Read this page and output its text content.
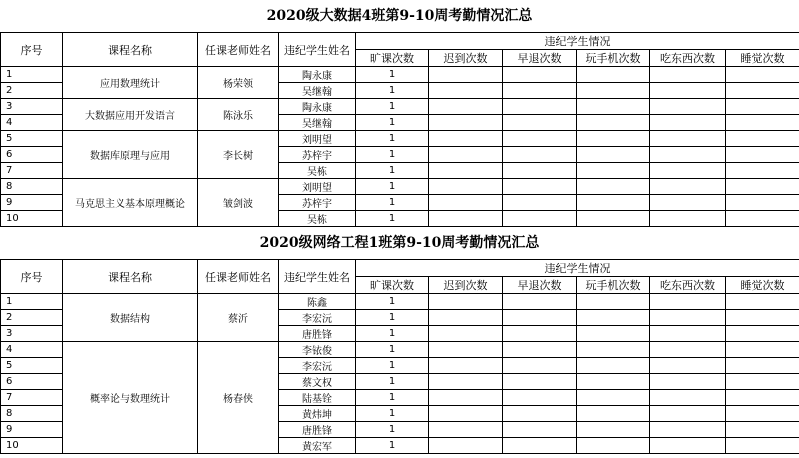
2020级大数据4班第9-10周考勤情况汇总
序号	课程名称	任课老师姓名	违纪学生姓名	违纪学生情况					
				旷课次数	迟到次数	早退次数	玩手机次数	吃东西次数	睡觉次数
1	应用数理统计	杨荣领	陶永康	1					
2			吴继翰	1					
3	大数据应用开发语言	陈泳乐	陶永康	1					
4			吴继翰	1					
5	数据库原理与应用	李长树	刘明望	1					
6			苏梓宇	1					
7			吴栋	1					
8	马克思主义基本原理概论	皱剑波	刘明望	1					
9			苏梓宇	1					
10			吴栋	1					
2020级网络工程1班第9-10周考勤情况汇总
序号	课程名称	任课老师姓名	违纪学生姓名	违纪学生情况					
				旷课次数	迟到次数	早退次数	玩手机次数	吃东西次数	睡觉次数
1	数据结构	蔡沂	陈鑫	1					
2			李宏沅	1					
3			唐胜锋	1					
4	概率论与数理统计	杨春侠	李铱俊	1					
5			李宏沅	1					
6			蔡文权	1					
7			陆基铨	1					
8			黄炜坤	1					
9			唐胜锋	1					
10			黄宏军	1					
